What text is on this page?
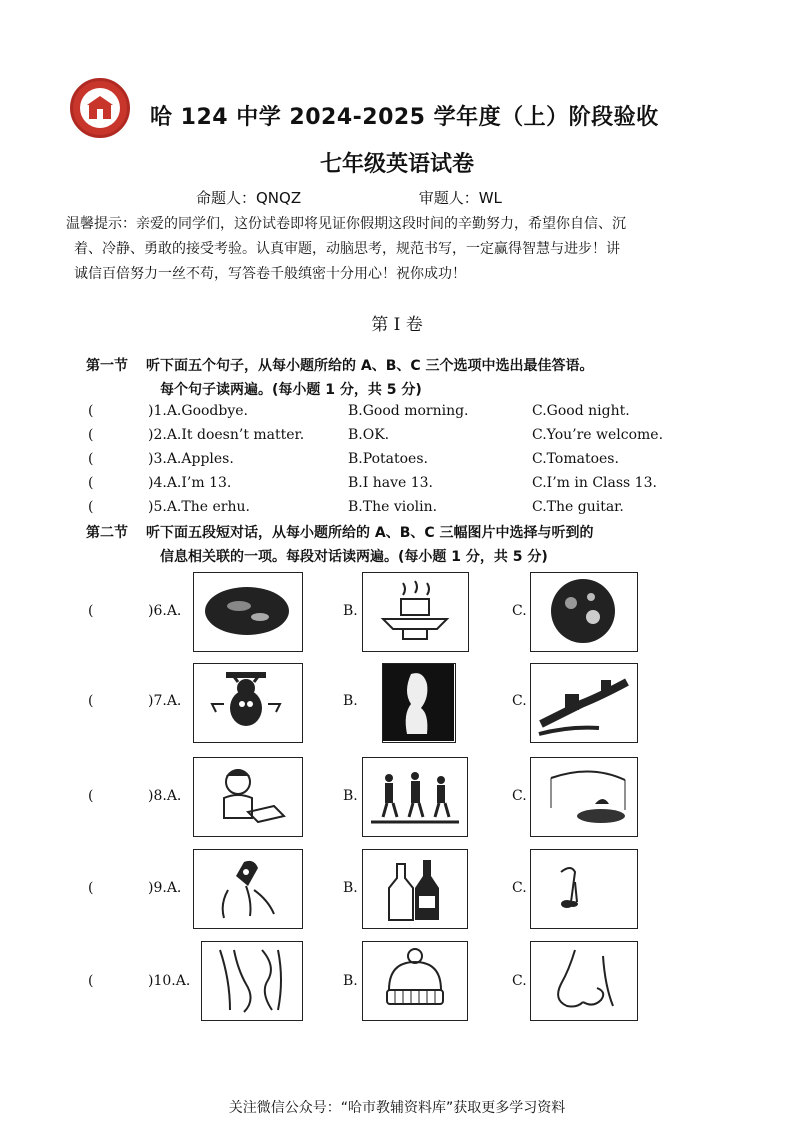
哈 124 中学 2024-2025 学年度（上）阶段验收
七年级英语试卷
命题人：QNQZ	审题人：WL

温馨提示：亲爱的同学们，这份试卷即将见证你假期这段时间的辛勤努力，希望你自信、沉

着、冷静、勇敢的接受考验。认真审题，动脑思考，规范书写，一定赢得智慧与进步！讲

诚信百倍努力一丝不苟，写答卷千般缜密十分用心！祝你成功！

第 I 卷
第一节 听下面五个句子，从每小题所给的 A、B、C 三个选项中选出最佳答语。
每个句子读两遍。(每小题 1 分，共 5 分)
(	)1.A.Goodbye.	B.Good morning.	C.Good night.
(	)2.A.It doesn’t matter.	B.OK.	C.You’re welcome.
(	)3.A.Apples.	B.Potatoes.	C.Tomatoes.
(	)4.A.I’m 13.	B.I have 13.	C.I’m in Class 13.
(	)5.A.The erhu.	B.The violin.	C.The guitar.
第二节 听下面五段短对话，从每小题所给的 A、B、C 三幅图片中选择与听到的
信息相关联的一项。每段对话读两遍。(每小题 1 分，共 5 分)
(	)6.A.	B.	C.
(	)7.A.	B.	C.
(	)8.A.	B.	C.
(	)9.A.	B.	C.
(	)10.A.	B.	C.
关注微信公众号：“哈市教辅资料库”获取更多学习资料
